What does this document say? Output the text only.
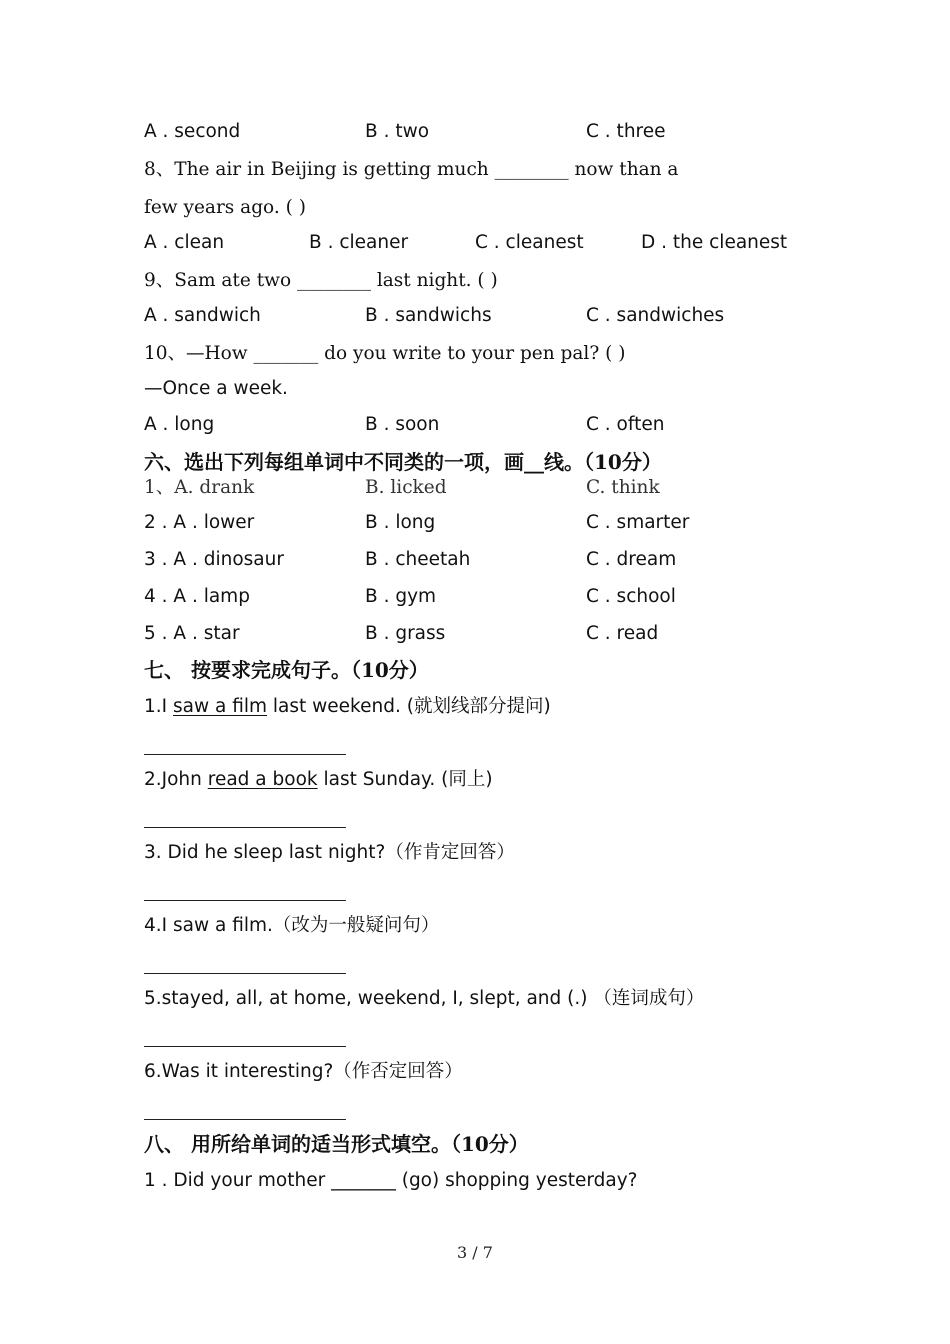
A . second	B . two	C . three
8、The air in Beijing is getting much ________ now than a
few years ago. ( )
A . clean	B . cleaner	C . cleanest	D . the cleanest
9、Sam ate two ________ last night. ( )
A . sandwich	B . sandwichs	C . sandwiches
10、—How _______ do you write to your pen pal? ( )
—Once a week.
A . long	B . soon	C . often
六、选出下列每组单词中不同类的一项，画__线。（10分）
1、A. drank	B. licked	C. think
2 . A . lower	B . long	C . smarter
3 . A . dinosaur	B . cheetah	C . dream
4 . A . lamp	B . gym	C . school
5 . A . star	B . grass	C . read
七、 按要求完成句子。（10分）
1.I saw a film last weekend. (就划线部分提问)
2.John read a book last Sunday. (同上)
3. Did he sleep last night?（作肯定回答）
4.I saw a film.（改为一般疑问句）
5.stayed, all, at home, weekend, I, slept, and (.) （连词成句）
6.Was it interesting?（作否定回答）
八、 用所给单词的适当形式填空。（10分）
1 . Did your mother _______ (go) shopping yesterday?
3 / 7
